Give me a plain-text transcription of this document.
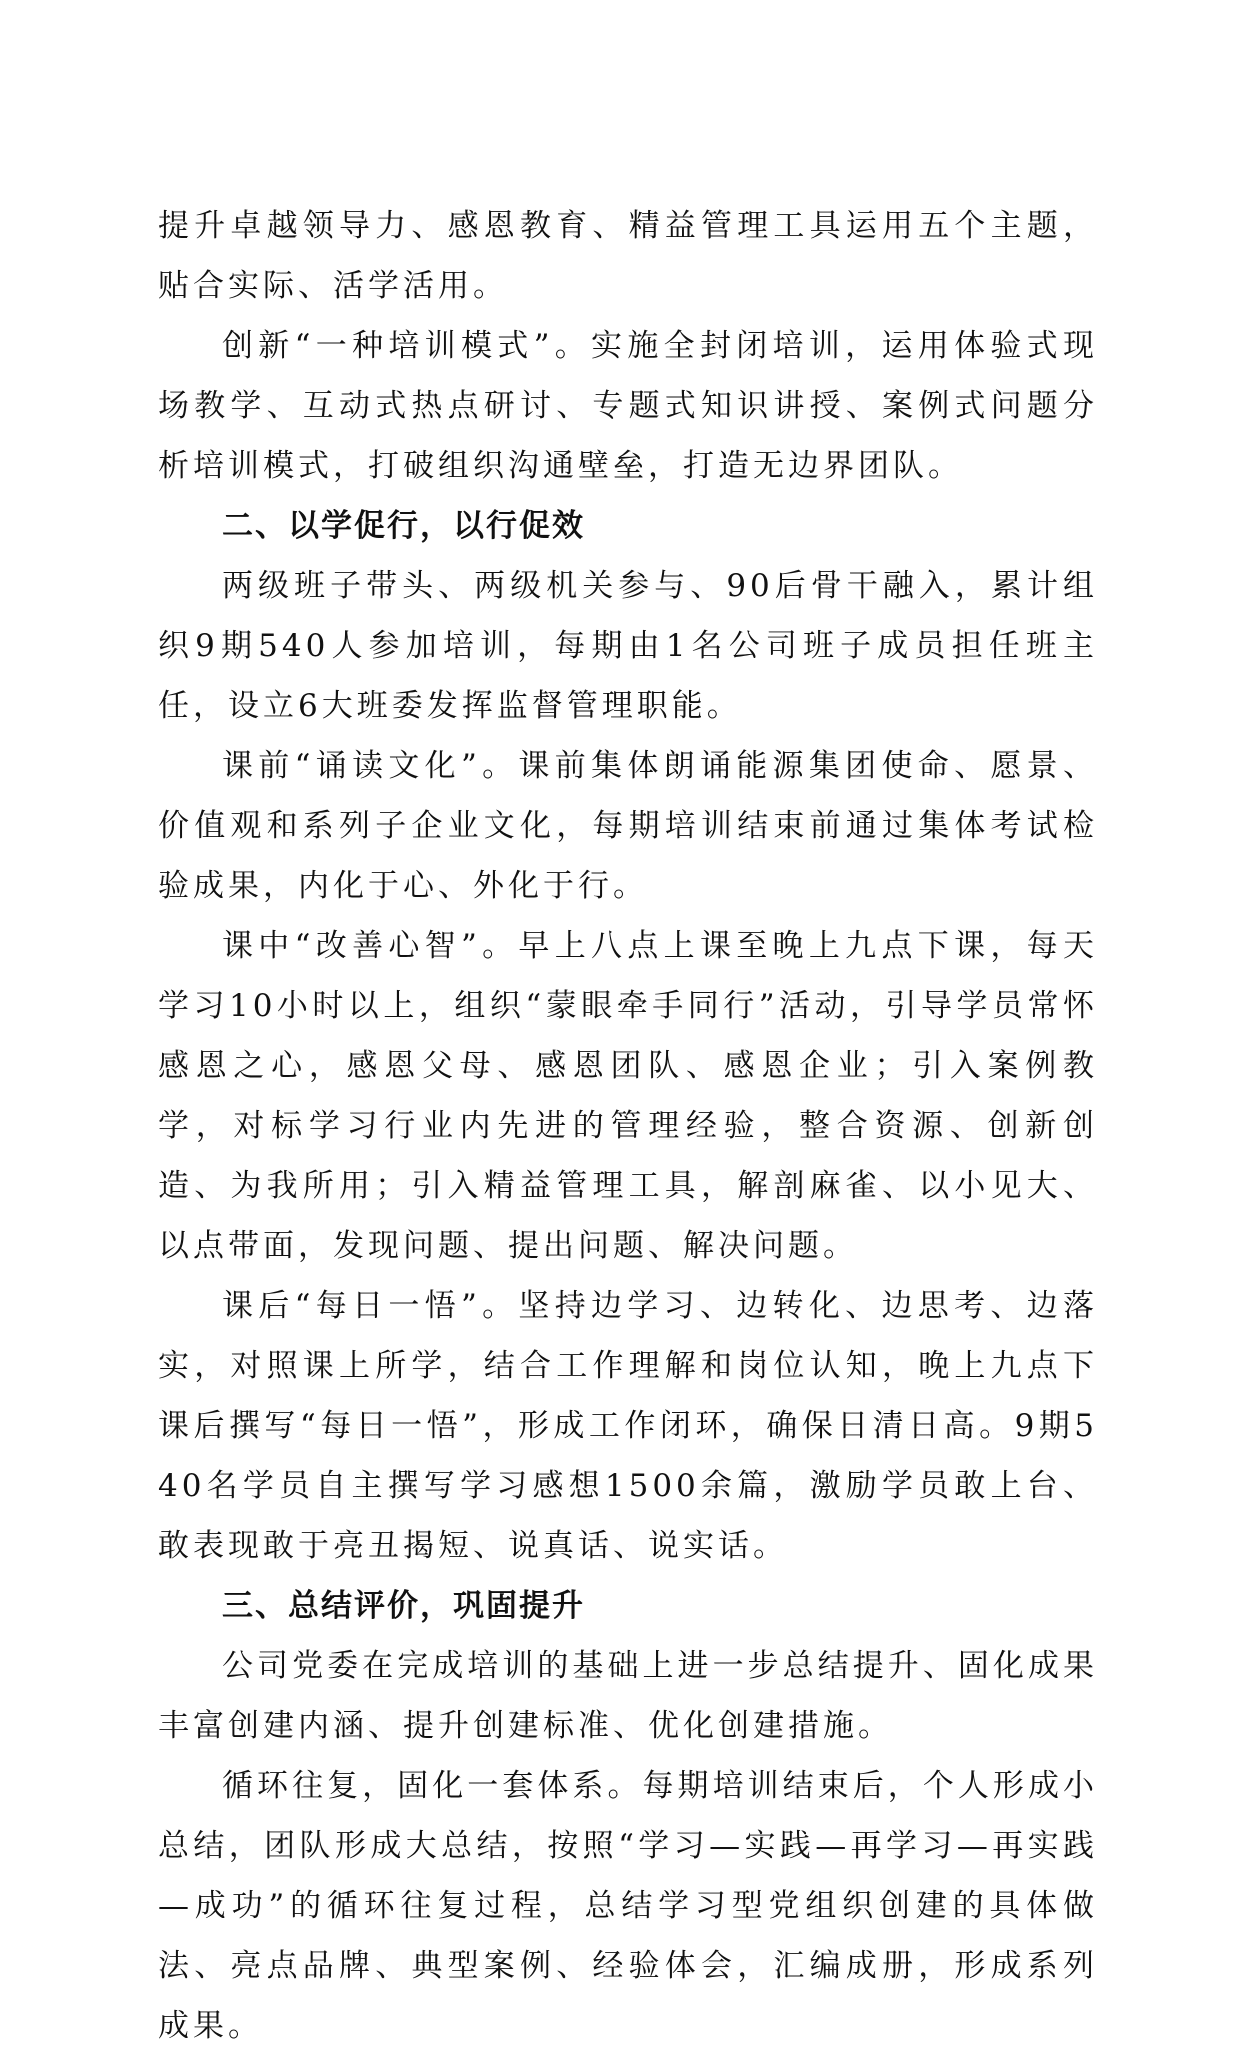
提升卓越领导力、感恩教育、精益管理工具运用五个主题，贴合实际、活学活用。

创新“一种培训模式”。实施全封闭培训，运用体验式现场教学、互动式热点研讨、专题式知识讲授、案例式问题分析培训模式，打破组织沟通壁垒，打造无边界团队。

二、以学促行，以行促效

两级班子带头、两级机关参与、90后骨干融入，累计组织9期540人参加培训，每期由1名公司班子成员担任班主任，设立6大班委发挥监督管理职能。

课前“诵读文化”。课前集体朗诵能源集团使命、愿景、价值观和系列子企业文化，每期培训结束前通过集体考试检验成果，内化于心、外化于行。

课中“改善心智”。早上八点上课至晚上九点下课，每天学习10小时以上，组织“蒙眼牵手同行”活动，引导学员常怀感恩之心，感恩父母、感恩团队、感恩企业；引入案例教学，对标学习行业内先进的管理经验，整合资源、创新创造、为我所用；引入精益管理工具，解剖麻雀、以小见大、以点带面，发现问题、提出问题、解决问题。

课后“每日一悟”。坚持边学习、边转化、边思考、边落实，对照课上所学，结合工作理解和岗位认知，晚上九点下课后撰写“每日一悟”，形成工作闭环，确保日清日高。9期540名学员自主撰写学习感想1500余篇，激励学员敢上台、敢表现敢于亮丑揭短、说真话、说实话。

三、总结评价，巩固提升

公司党委在完成培训的基础上进一步总结提升、固化成果丰富创建内涵、提升创建标准、优化创建措施。

循环往复，固化一套体系。每期培训结束后，个人形成小总结，团队形成大总结，按照“学习—实践—再学习—再实践—成功”的循环往复过程，总结学习型党组织创建的具体做法、亮点品牌、典型案例、经验体会，汇编成册，形成系列成果。
